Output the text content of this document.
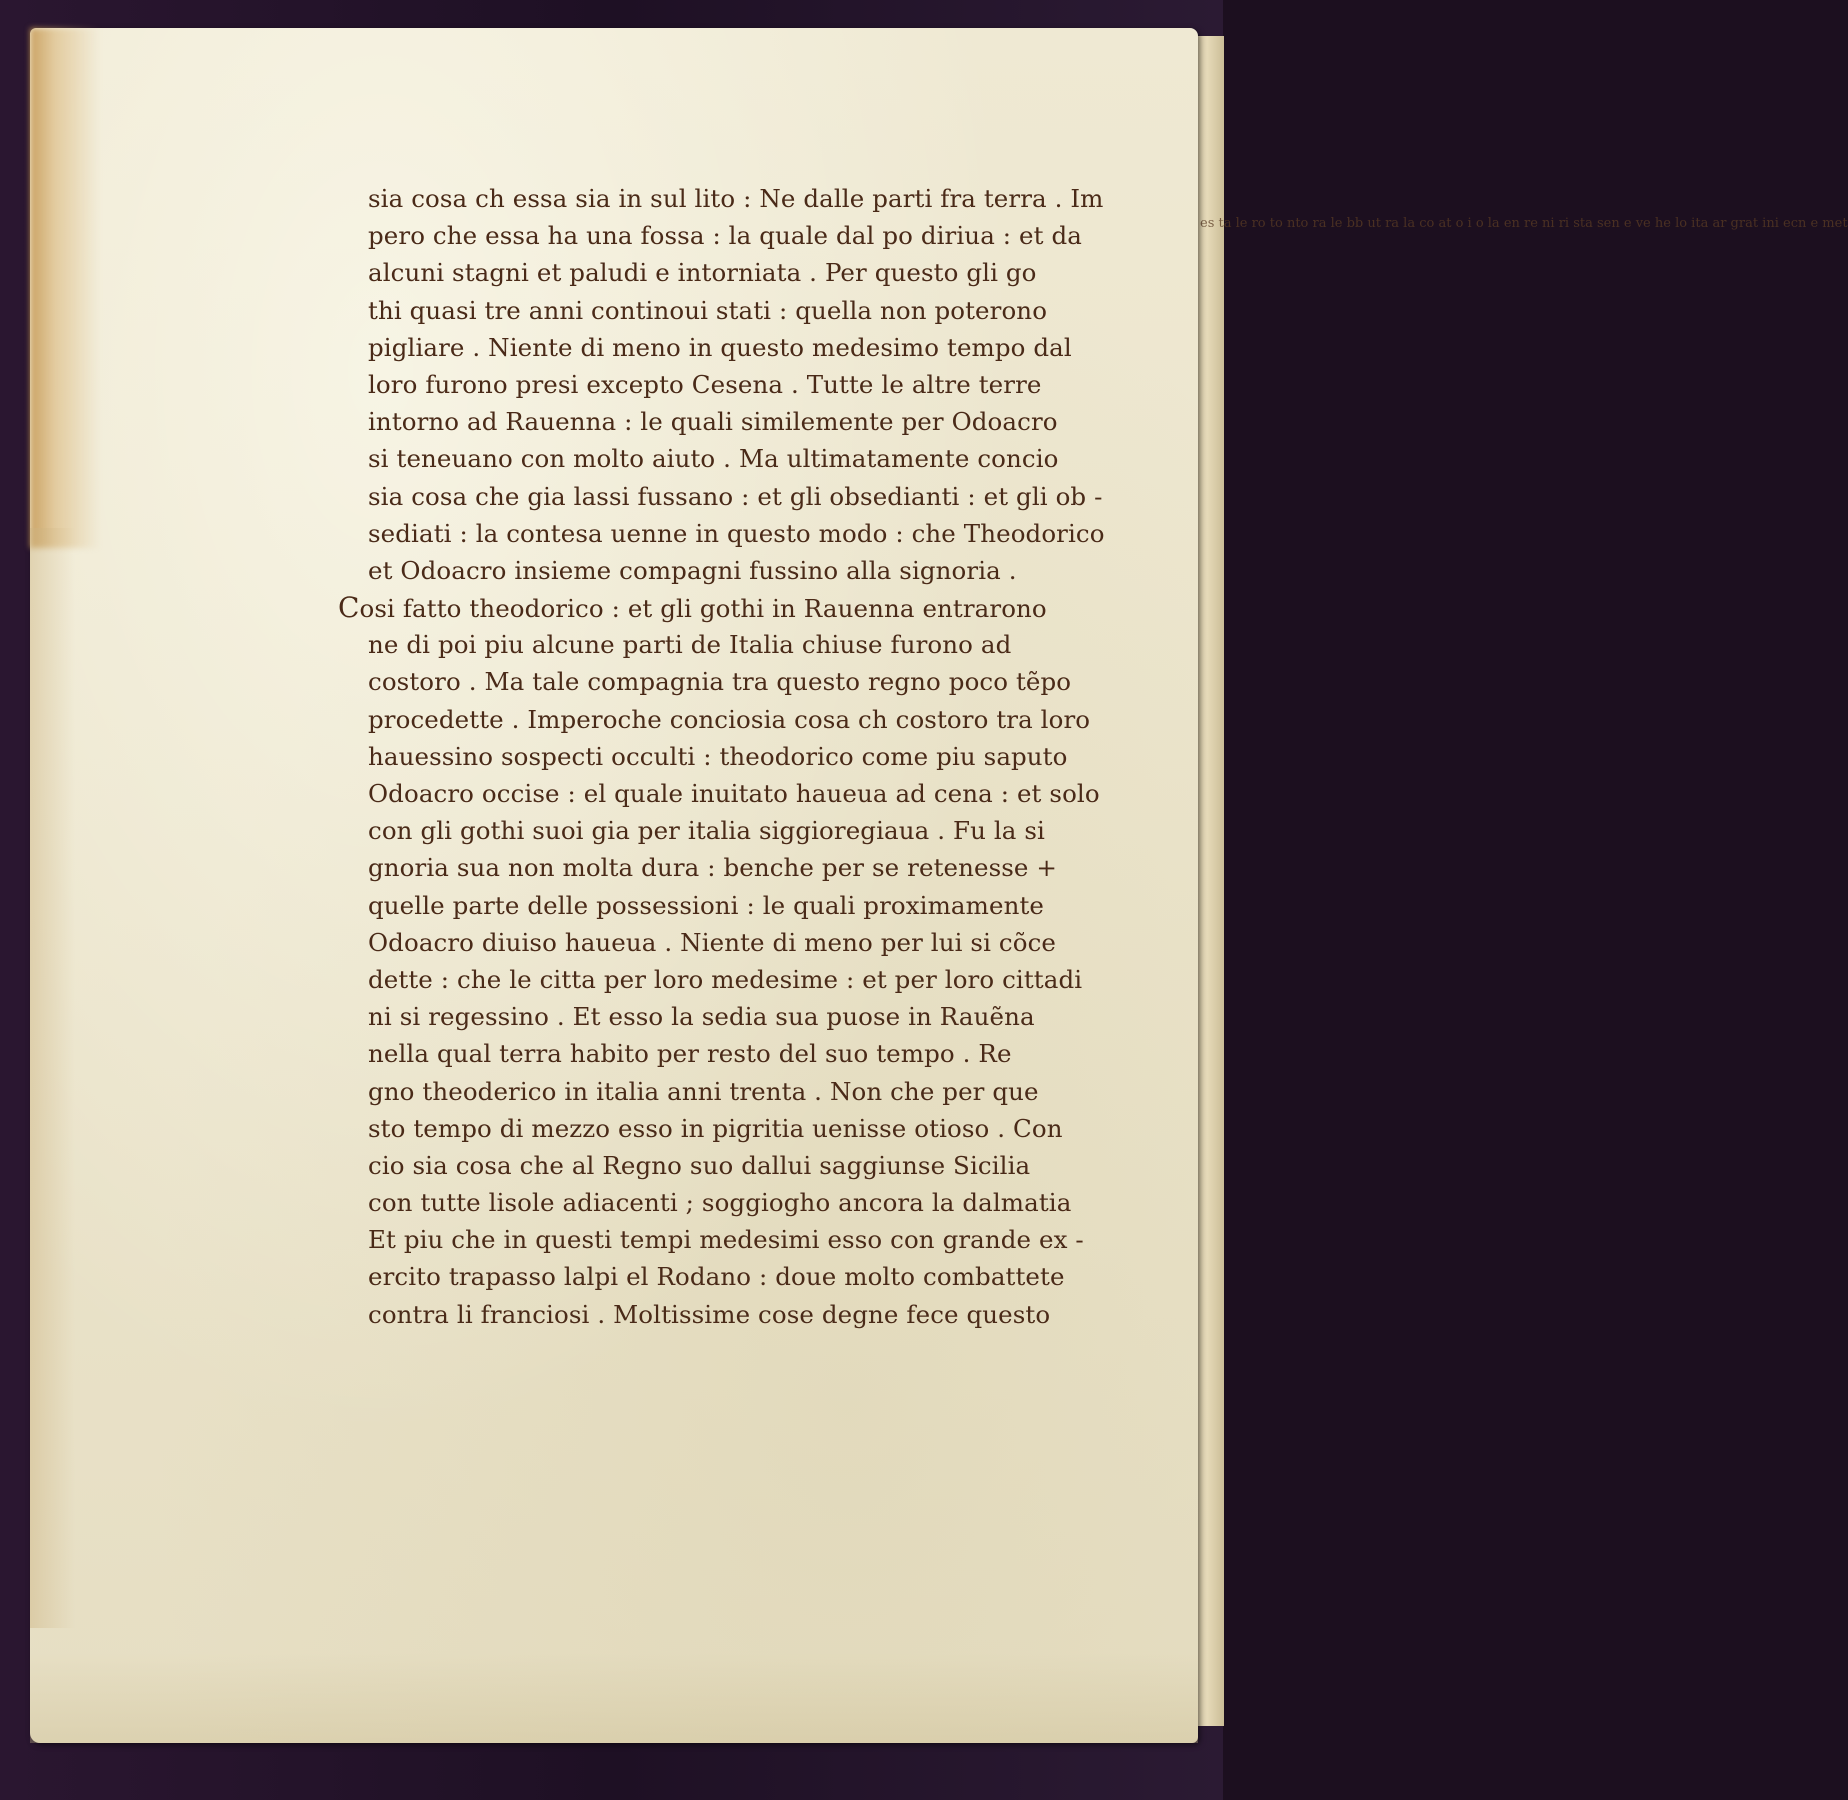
es ta le ro to nto ra le bb ut ra la co at o i o la en re ni ri sta sen e ve he lo ita ar grat ini ecn e met
sia cosa ch essa sia in sul lito : Ne dalle parti fra terra . Im
pero che essa ha una fossa : la quale dal po diriua : et da
alcuni stagni et paludi e intorniata . Per questo gli go
thi quasi tre anni continoui stati : quella non poterono
pigliare . Niente di meno in questo medesimo tempo dal
loro furono presi excepto Cesena . Tutte le altre terre
intorno ad Rauenna : le quali similemente per Odoacro
si teneuano con molto aiuto . Ma ultimatamente concio
sia cosa che gia lassi fussano : et gli obsedianti : et gli ob -
sediati : la contesa uenne in questo modo : che Theodorico
et Odoacro insieme compagni fussino alla signoria .
Cosi fatto theodorico : et gli gothi in Rauenna entrarono
ne di poi piu alcune parti de Italia chiuse furono ad
costoro . Ma tale compagnia tra questo regno poco tẽpo
procedette . Imperoche conciosia cosa ch costoro tra loro
hauessino sospecti occulti : theodorico come piu saputo
Odoacro occise : el quale inuitato haueua ad cena : et solo
con gli gothi suoi gia per italia siggioregiaua . Fu la si
gnoria sua non molta dura : benche per se retenesse +
quelle parte delle possessioni : le quali proximamente
Odoacro diuiso haueua . Niente di meno per lui si cõce
dette : che le citta per loro medesime : et per loro cittadi
ni si regessino . Et esso la sedia sua puose in Rauẽna
nella qual terra habito per resto del suo tempo . Re
gno theoderico in italia anni trenta . Non che per que
sto tempo di mezzo esso in pigritia uenisse otioso . Con
cio sia cosa che al Regno suo dallui saggiunse Sicilia
con tutte lisole adiacenti ; soggiogho ancora la dalmatia
Et piu che in questi tempi medesimi esso con grande ex -
ercito trapasso lalpi el Rodano : doue molto combattete
contra li franciosi . Moltissime cose degne fece questo
